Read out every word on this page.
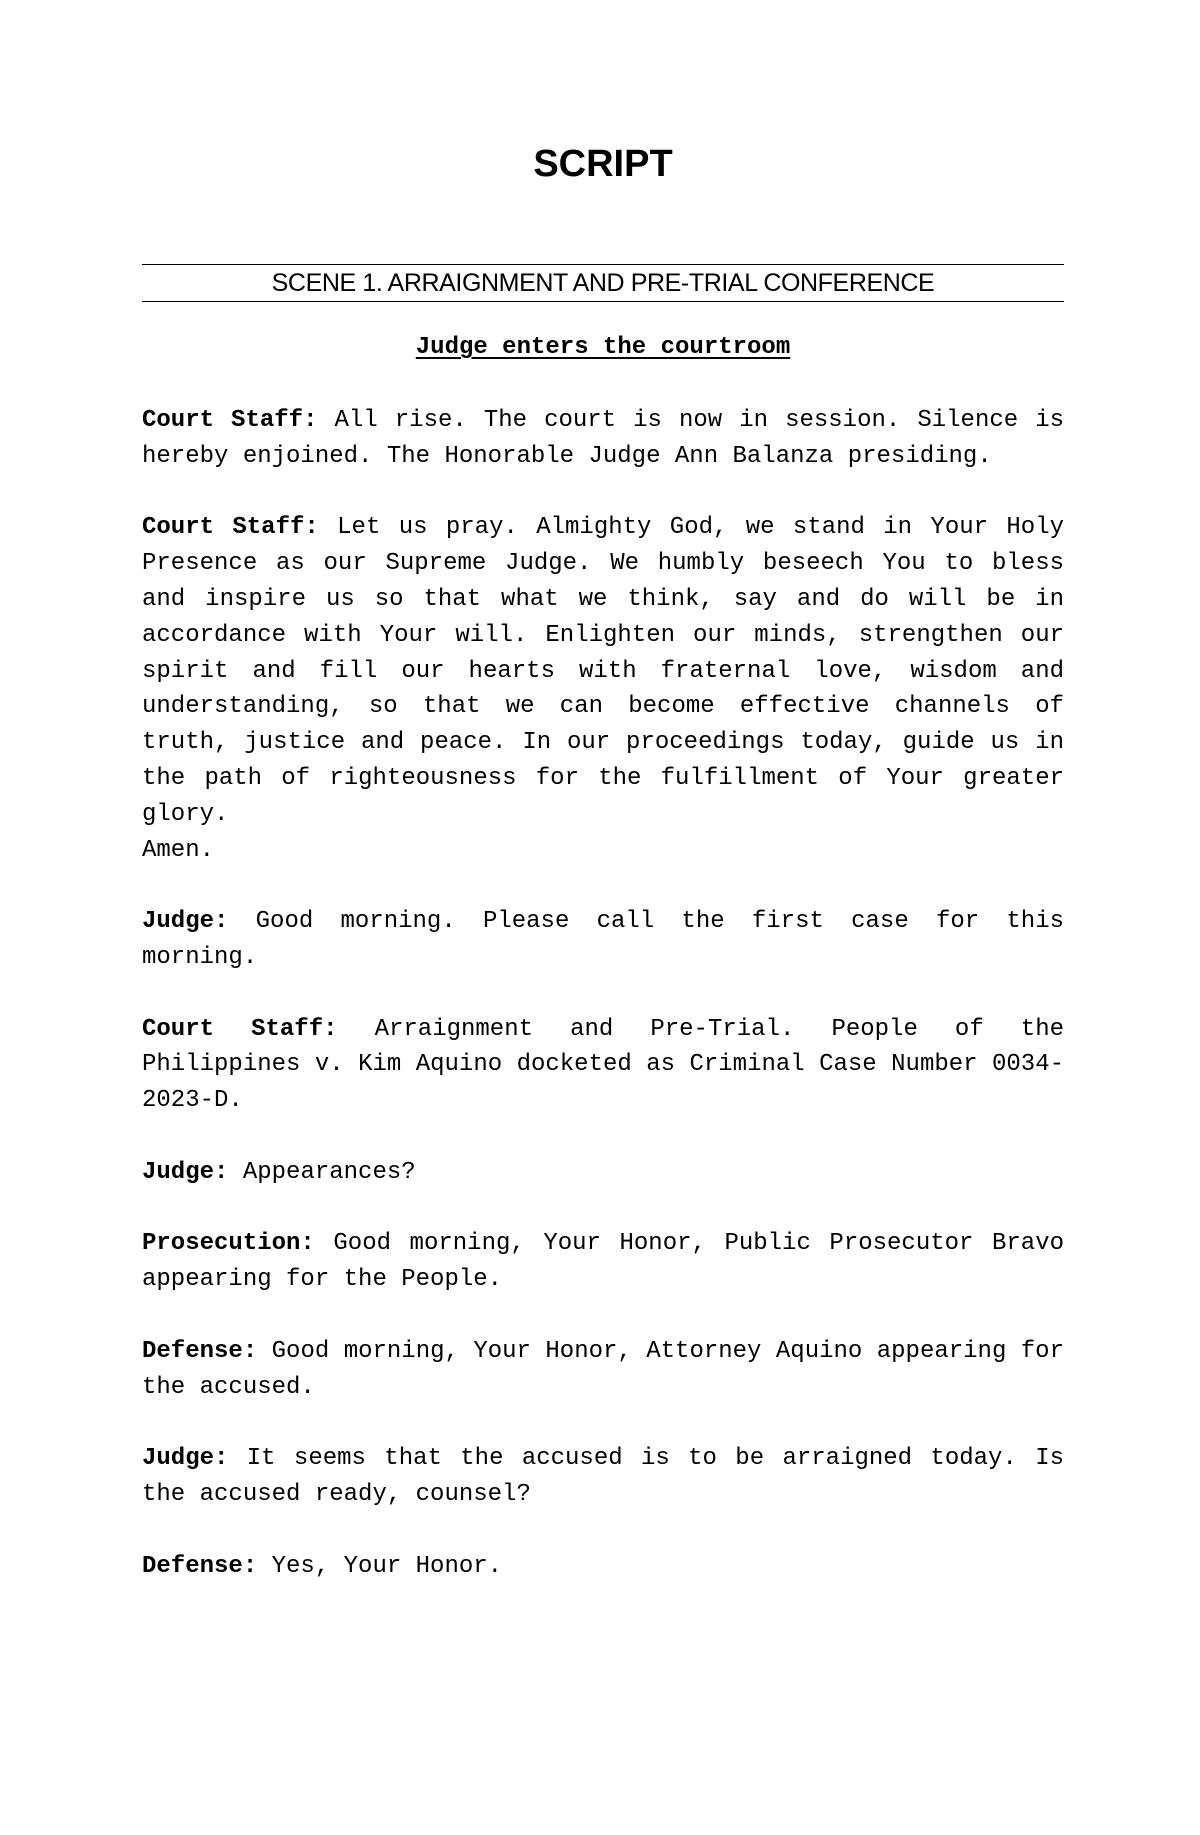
SCRIPT
SCENE 1. ARRAIGNMENT AND PRE-TRIAL CONFERENCE
Judge enters the courtroom
Court Staff: All rise. The court is now in session. Silence is hereby enjoined. The Honorable Judge Ann Balanza presiding.
Court Staff: Let us pray. Almighty God, we stand in Your Holy Presence as our Supreme Judge. We humbly beseech You to bless and inspire us so that what we think, say and do will be in accordance with Your will. Enlighten our minds, strengthen our spirit and fill our hearts with fraternal love, wisdom and understanding, so that we can become effective channels of truth, justice and peace. In our proceedings today, guide us in the path of righteousness for the fulfillment of Your greater glory.
Amen.
Judge: Good morning. Please call the first case for this morning.
Court Staff: Arraignment and Pre-Trial. People of the Philippines v. Kim Aquino docketed as Criminal Case Number 0034-2023-D.
Judge: Appearances?
Prosecution: Good morning, Your Honor, Public Prosecutor Bravo appearing for the People.
Defense: Good morning, Your Honor, Attorney Aquino appearing for the accused.
Judge: It seems that the accused is to be arraigned today. Is the accused ready, counsel?
Defense: Yes, Your Honor.
